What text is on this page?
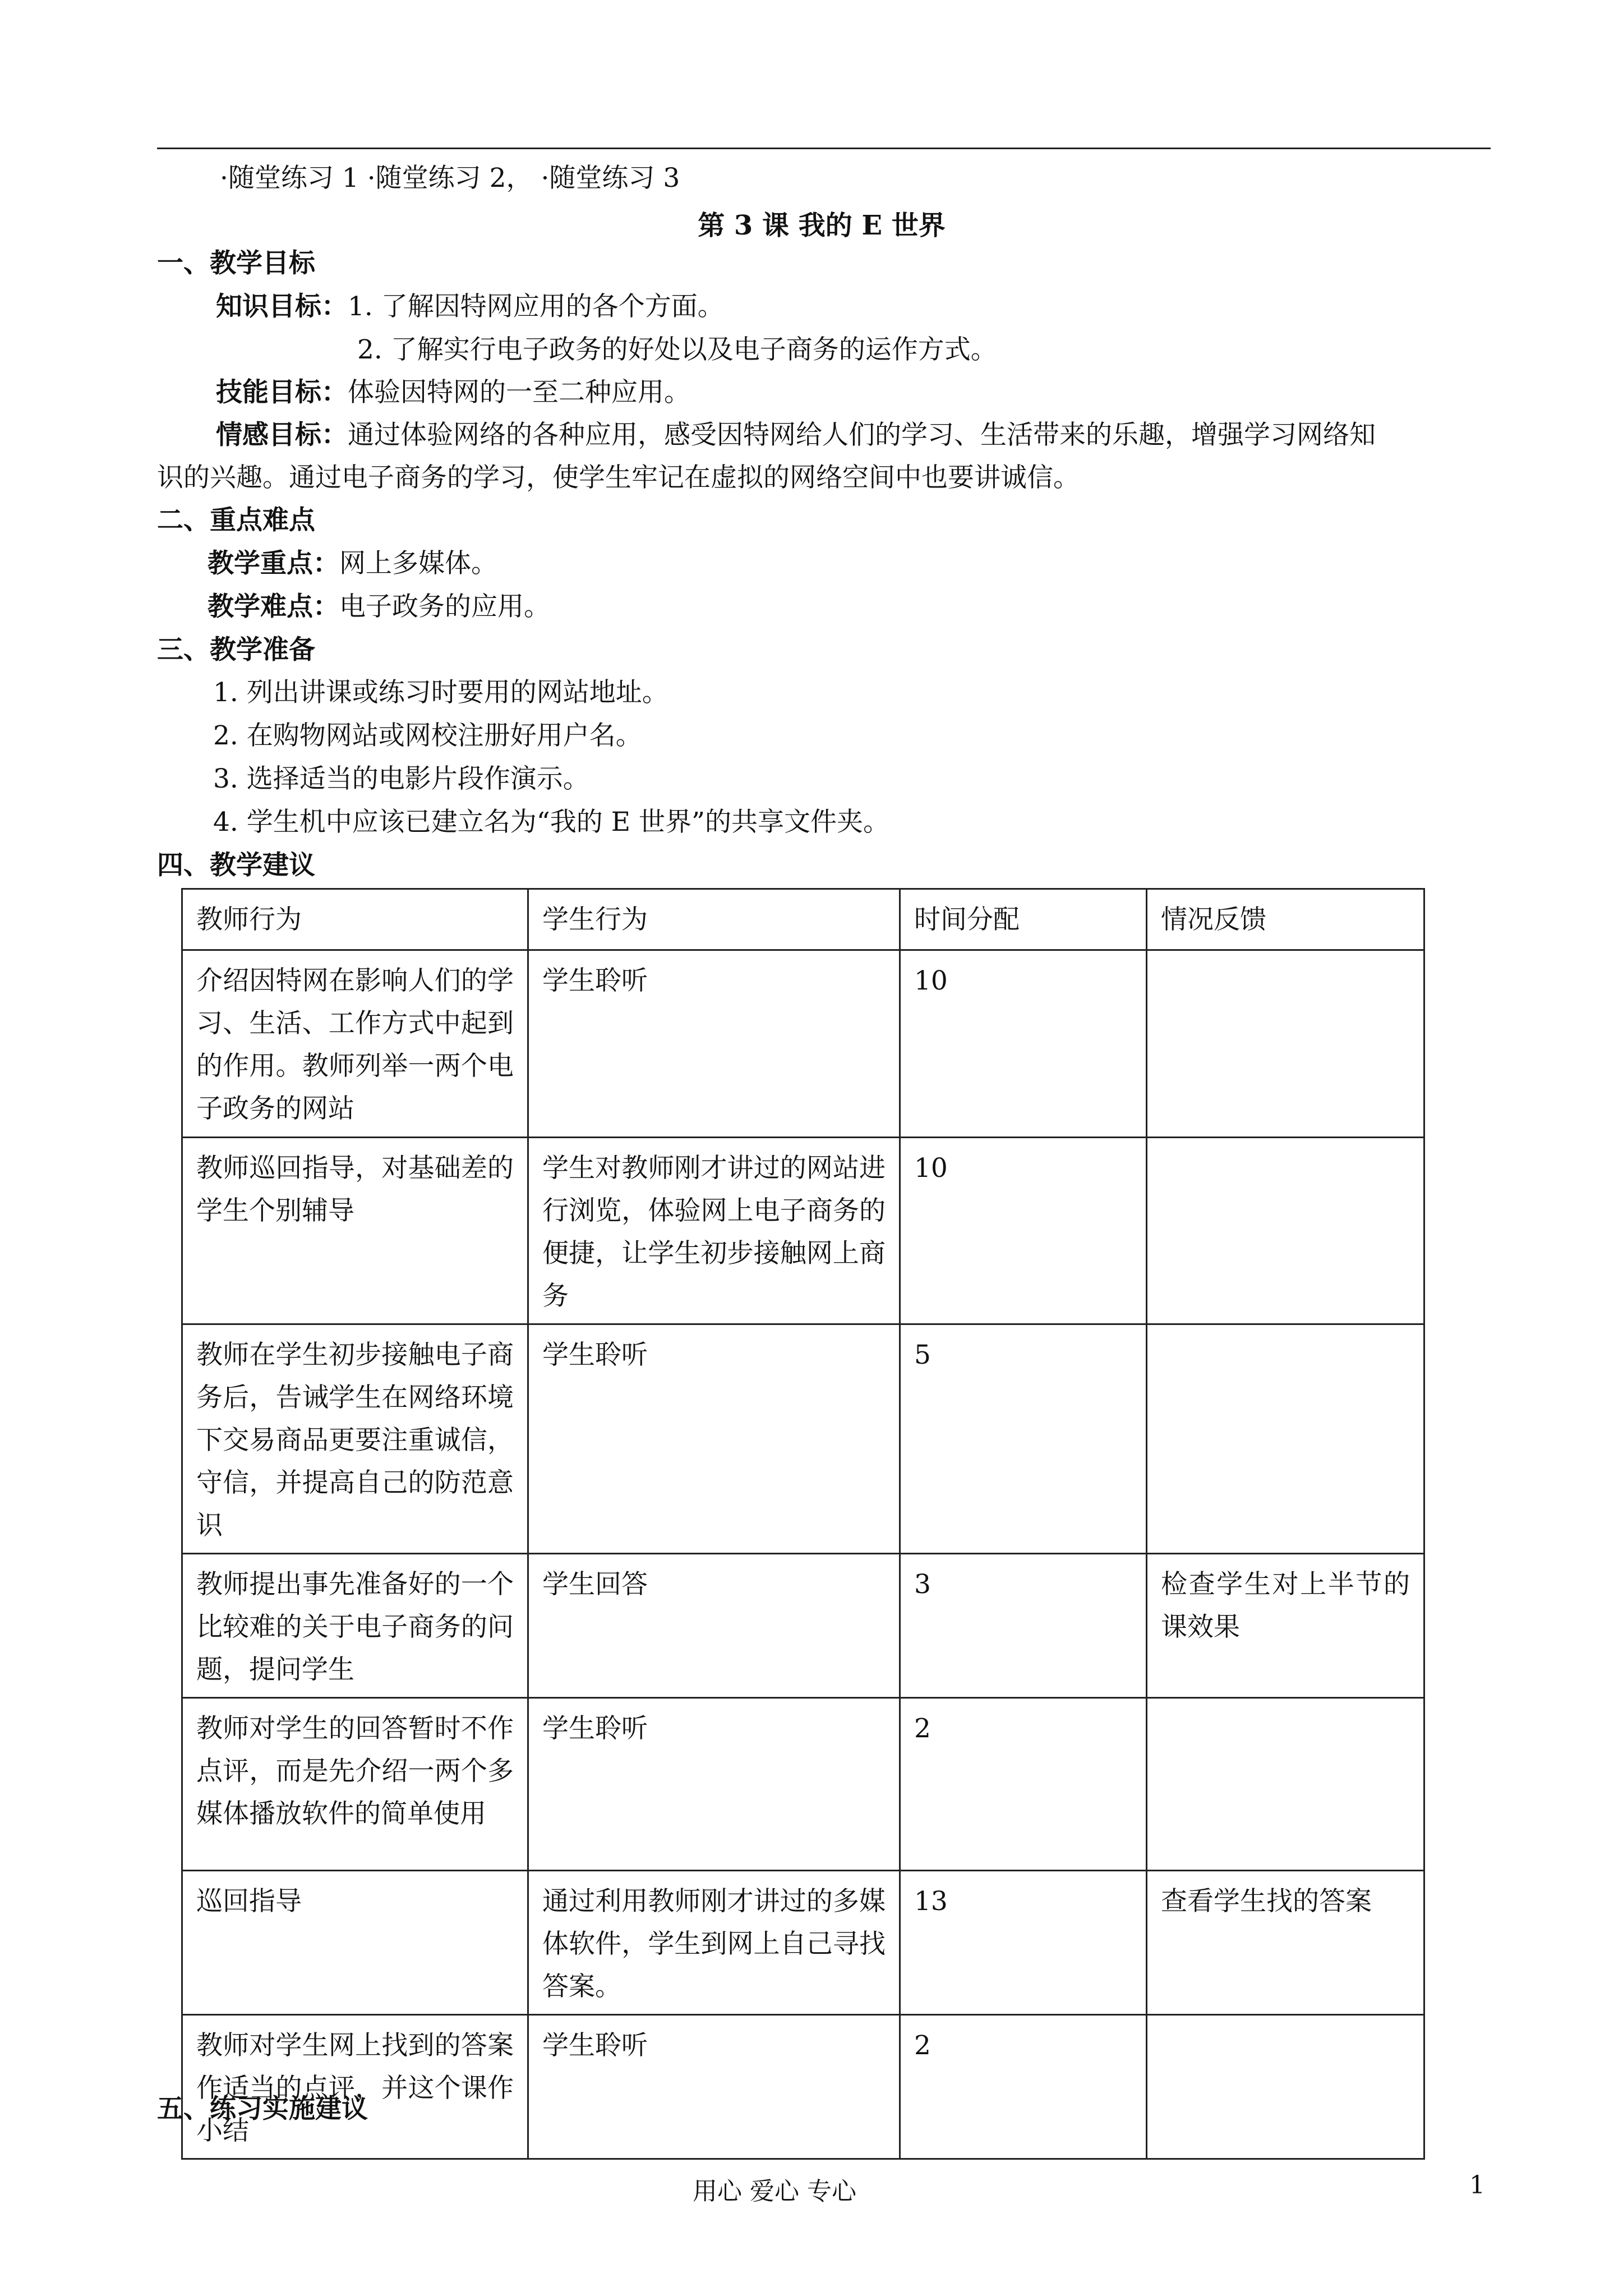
·随堂练习 1 ·随堂练习 2， ·随堂练习 3
第 3 课 我的 E 世界
一、教学目标
知识目标：1. 了解因特网应用的各个方面。
2. 了解实行电子政务的好处以及电子商务的运作方式。
技能目标：体验因特网的一至二种应用。
情感目标：通过体验网络的各种应用，感受因特网给人们的学习、生活带来的乐趣，增强学习网络知
识的兴趣。通过电子商务的学习，使学生牢记在虚拟的网络空间中也要讲诚信。
二、重点难点
教学重点：网上多媒体。
教学难点：电子政务的应用。
三、教学准备
1. 列出讲课或练习时要用的网站地址。
2. 在购物网站或网校注册好用户名。
3. 选择适当的电影片段作演示。
4. 学生机中应该已建立名为“我的 E 世界”的共享文件夹。
四、教学建议
教师行为	学生行为	时间分配	情况反馈
介绍因特网在影响人们的学习、生活、工作方式中起到的作用。教师列举一两个电子政务的网站	学生聆听	10	
教师巡回指导，对基础差的学生个别辅导	学生对教师刚才讲过的网站进行浏览，体验网上电子商务的便捷，让学生初步接触网上商务	10	
教师在学生初步接触电子商务后，告诫学生在网络环境下交易商品更要注重诚信，守信，并提高自己的防范意识	学生聆听	5	
教师提出事先准备好的一个比较难的关于电子商务的问题，提问学生	学生回答	3	检查学生对上半节的课效果
教师对学生的回答暂时不作点评，而是先介绍一两个多媒体播放软件的简单使用	学生聆听	2	
巡回指导	通过利用教师刚才讲过的多媒体软件，学生到网上自己寻找答案。	13	查看学生找的答案
教师对学生网上找到的答案作适当的点评，并这个课作小结	学生聆听	2	
五、练习实施建议
用心 爱心 专心	1
